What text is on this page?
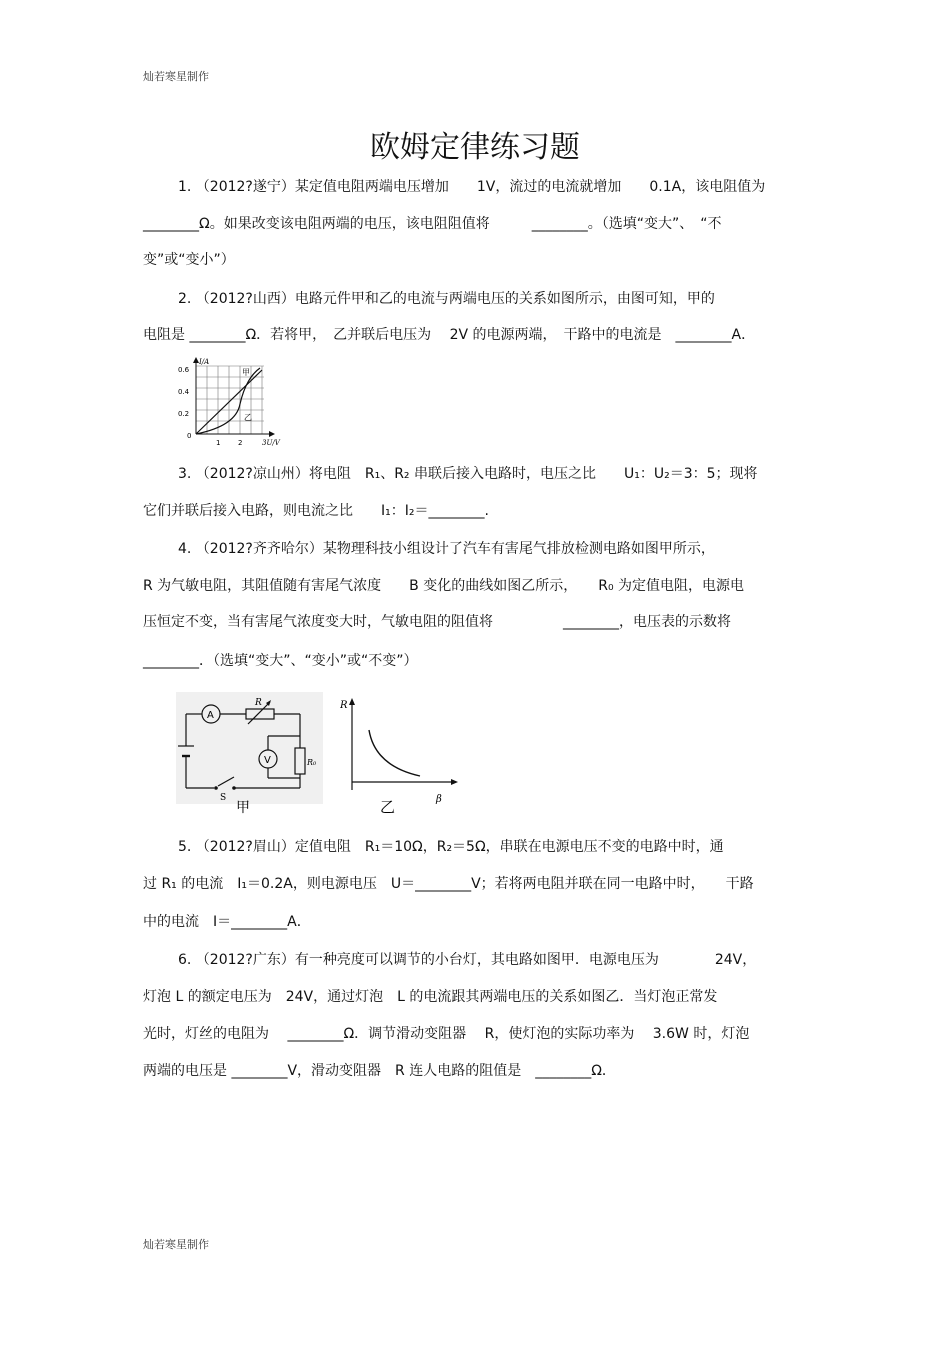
灿若寒星制作
欧姆定律练习题
1. （2012?遂宁）某定值电阻两端电压增加　　1V，流过的电流就增加　　0.1A，该电阻值为
________Ω。如果改变该电阻两端的电压，该电阻阻值将　　　________。（选填“变大”、　“不
变”或“变小”）
2. （2012?山西）电路元件甲和乙的电流与两端电压的关系如图所示，由图可知，甲的
电阻是 ________Ω．若将甲，　乙并联后电压为　 2V 的电源两端，　干路中的电流是　________A．
I/A
0.6
0.4
0.2
0
1	2	3U/V
甲
乙
3. （2012?凉山州）将电阻　R₁、R₂ 串联后接入电路时，电压之比　　U₁：U₂＝3：5；现将
它们并联后接入电路，则电流之比　　I₁：I₂＝________.
4. （2012?齐齐哈尔）某物理科技小组设计了汽车有害尾气排放检测电路如图甲所示，
R 为气敏电阻，其阻值随有害尾气浓度　　B 变化的曲线如图乙所示，　　R₀ 为定值电阻，电源电
压恒定不变，当有害尾气浓度变大时，气敏电阻的阻值将　　　　　________，电压表的示数将
________．（选填“变大”、“变小”或“不变”）
A
V
R
R₀
S
甲
R
β
乙
5. （2012?眉山）定值电阻　R₁＝10Ω，R₂＝5Ω，串联在电源电压不变的电路中时，通
过 R₁ 的电流　I₁＝0.2A，则电源电压　U＝________V；若将两电阻并联在同一电路中时，　　干路
中的电流　I＝________A．
6. （2012?广东）有一种亮度可以调节的小台灯，其电路如图甲．电源电压为　　　　24V，
灯泡 L 的额定电压为　24V，通过灯泡　L 的电流跟其两端电压的关系如图乙．当灯泡正常发
光时，灯丝的电阻为　 ________Ω．调节滑动变阻器　 R，使灯泡的实际功率为　 3.6W 时，灯泡
两端的电压是 ________V，滑动变阻器　R 连人电路的阻值是　________Ω．
灿若寒星制作
